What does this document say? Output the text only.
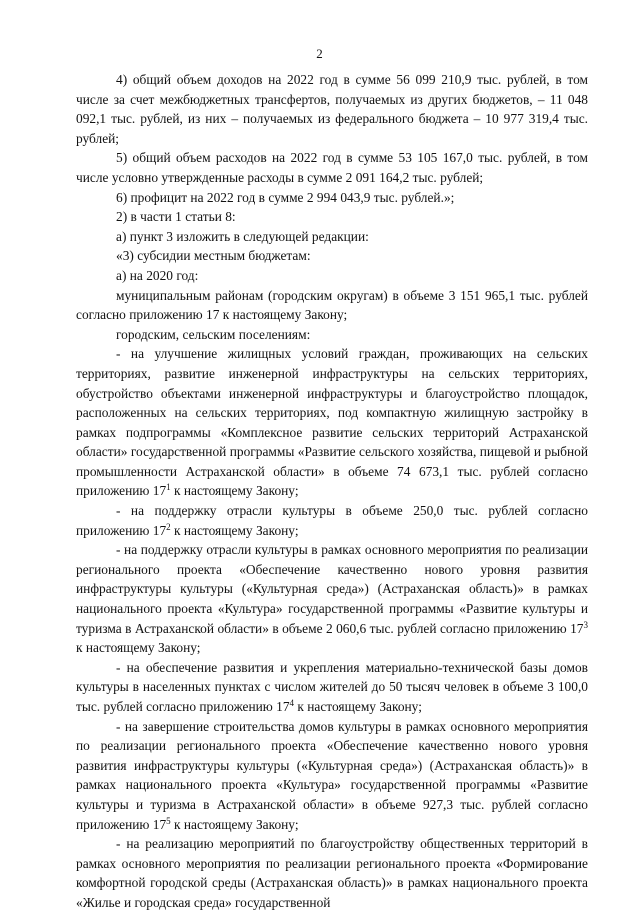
2

4) общий объем доходов на 2022 год в сумме 56 099 210,9 тыс. рублей, в том числе за счет межбюджетных трансфертов, получаемых из других бюджетов, – 11 048 092,1 тыс. рублей, из них – получаемых из федерального бюджета – 10 977 319,4 тыс. рублей;

5) общий объем расходов на 2022 год в сумме 53 105 167,0 тыс. рублей, в том числе условно утвержденные расходы в сумме 2 091 164,2 тыс. рублей;

6) профицит на 2022 год в сумме 2 994 043,9 тыс. рублей.»;

2) в части 1 статьи 8:

а) пункт 3 изложить в следующей редакции:

«3) субсидии местным бюджетам:

а) на 2020 год:

муниципальным районам (городским округам) в объеме 3 151 965,1 тыс. рублей согласно приложению 17 к настоящему Закону;

городским, сельским поселениям:

- на улучшение жилищных условий граждан, проживающих на сельских территориях, развитие инженерной инфраструктуры на сельских территориях, обустройство объектами инженерной инфраструктуры и благоустройство площадок, расположенных на сельских территориях, под компактную жилищную застройку в рамках подпрограммы «Комплексное развитие сельских территорий Астраханской области» государственной программы «Развитие сельского хозяйства, пищевой и рыбной промышленности Астраханской области» в объеме 74 673,1 тыс. рублей согласно приложению $17^1$ к настоящему Закону;

- на поддержку отрасли культуры в объеме 250,0 тыс. рублей согласно приложению $17^2$ к настоящему Закону;

- на поддержку отрасли культуры в рамках основного мероприятия по реализации регионального проекта «Обеспечение качественно нового уровня развития инфраструктуры культуры («Культурная среда») (Астраханская область)» в рамках национального проекта «Культура» государственной программы «Развитие культуры и туризма в Астраханской области» в объеме 2 060,6 тыс. рублей согласно приложению $17^3$ к настоящему Закону;

- на обеспечение развития и укрепления материально-технической базы домов культуры в населенных пунктах с числом жителей до 50 тысяч человек в объеме 3 100,0 тыс. рублей согласно приложению $17^4$ к настоящему Закону;

- на завершение строительства домов культуры в рамках основного мероприятия по реализации регионального проекта «Обеспечение качественно нового уровня развития инфраструктуры культуры («Культурная среда») (Астраханская область)» в рамках национального проекта «Культура» государственной программы «Развитие культуры и туризма в Астраханской области» в объеме 927,3 тыс. рублей согласно приложению $17^5$ к настоящему Закону;

- на реализацию мероприятий по благоустройству общественных территорий в рамках основного мероприятия по реализации регионального проекта «Формирование комфортной городской среды (Астраханская область)» в рамках национального проекта «Жилье и городская среда» государственной
